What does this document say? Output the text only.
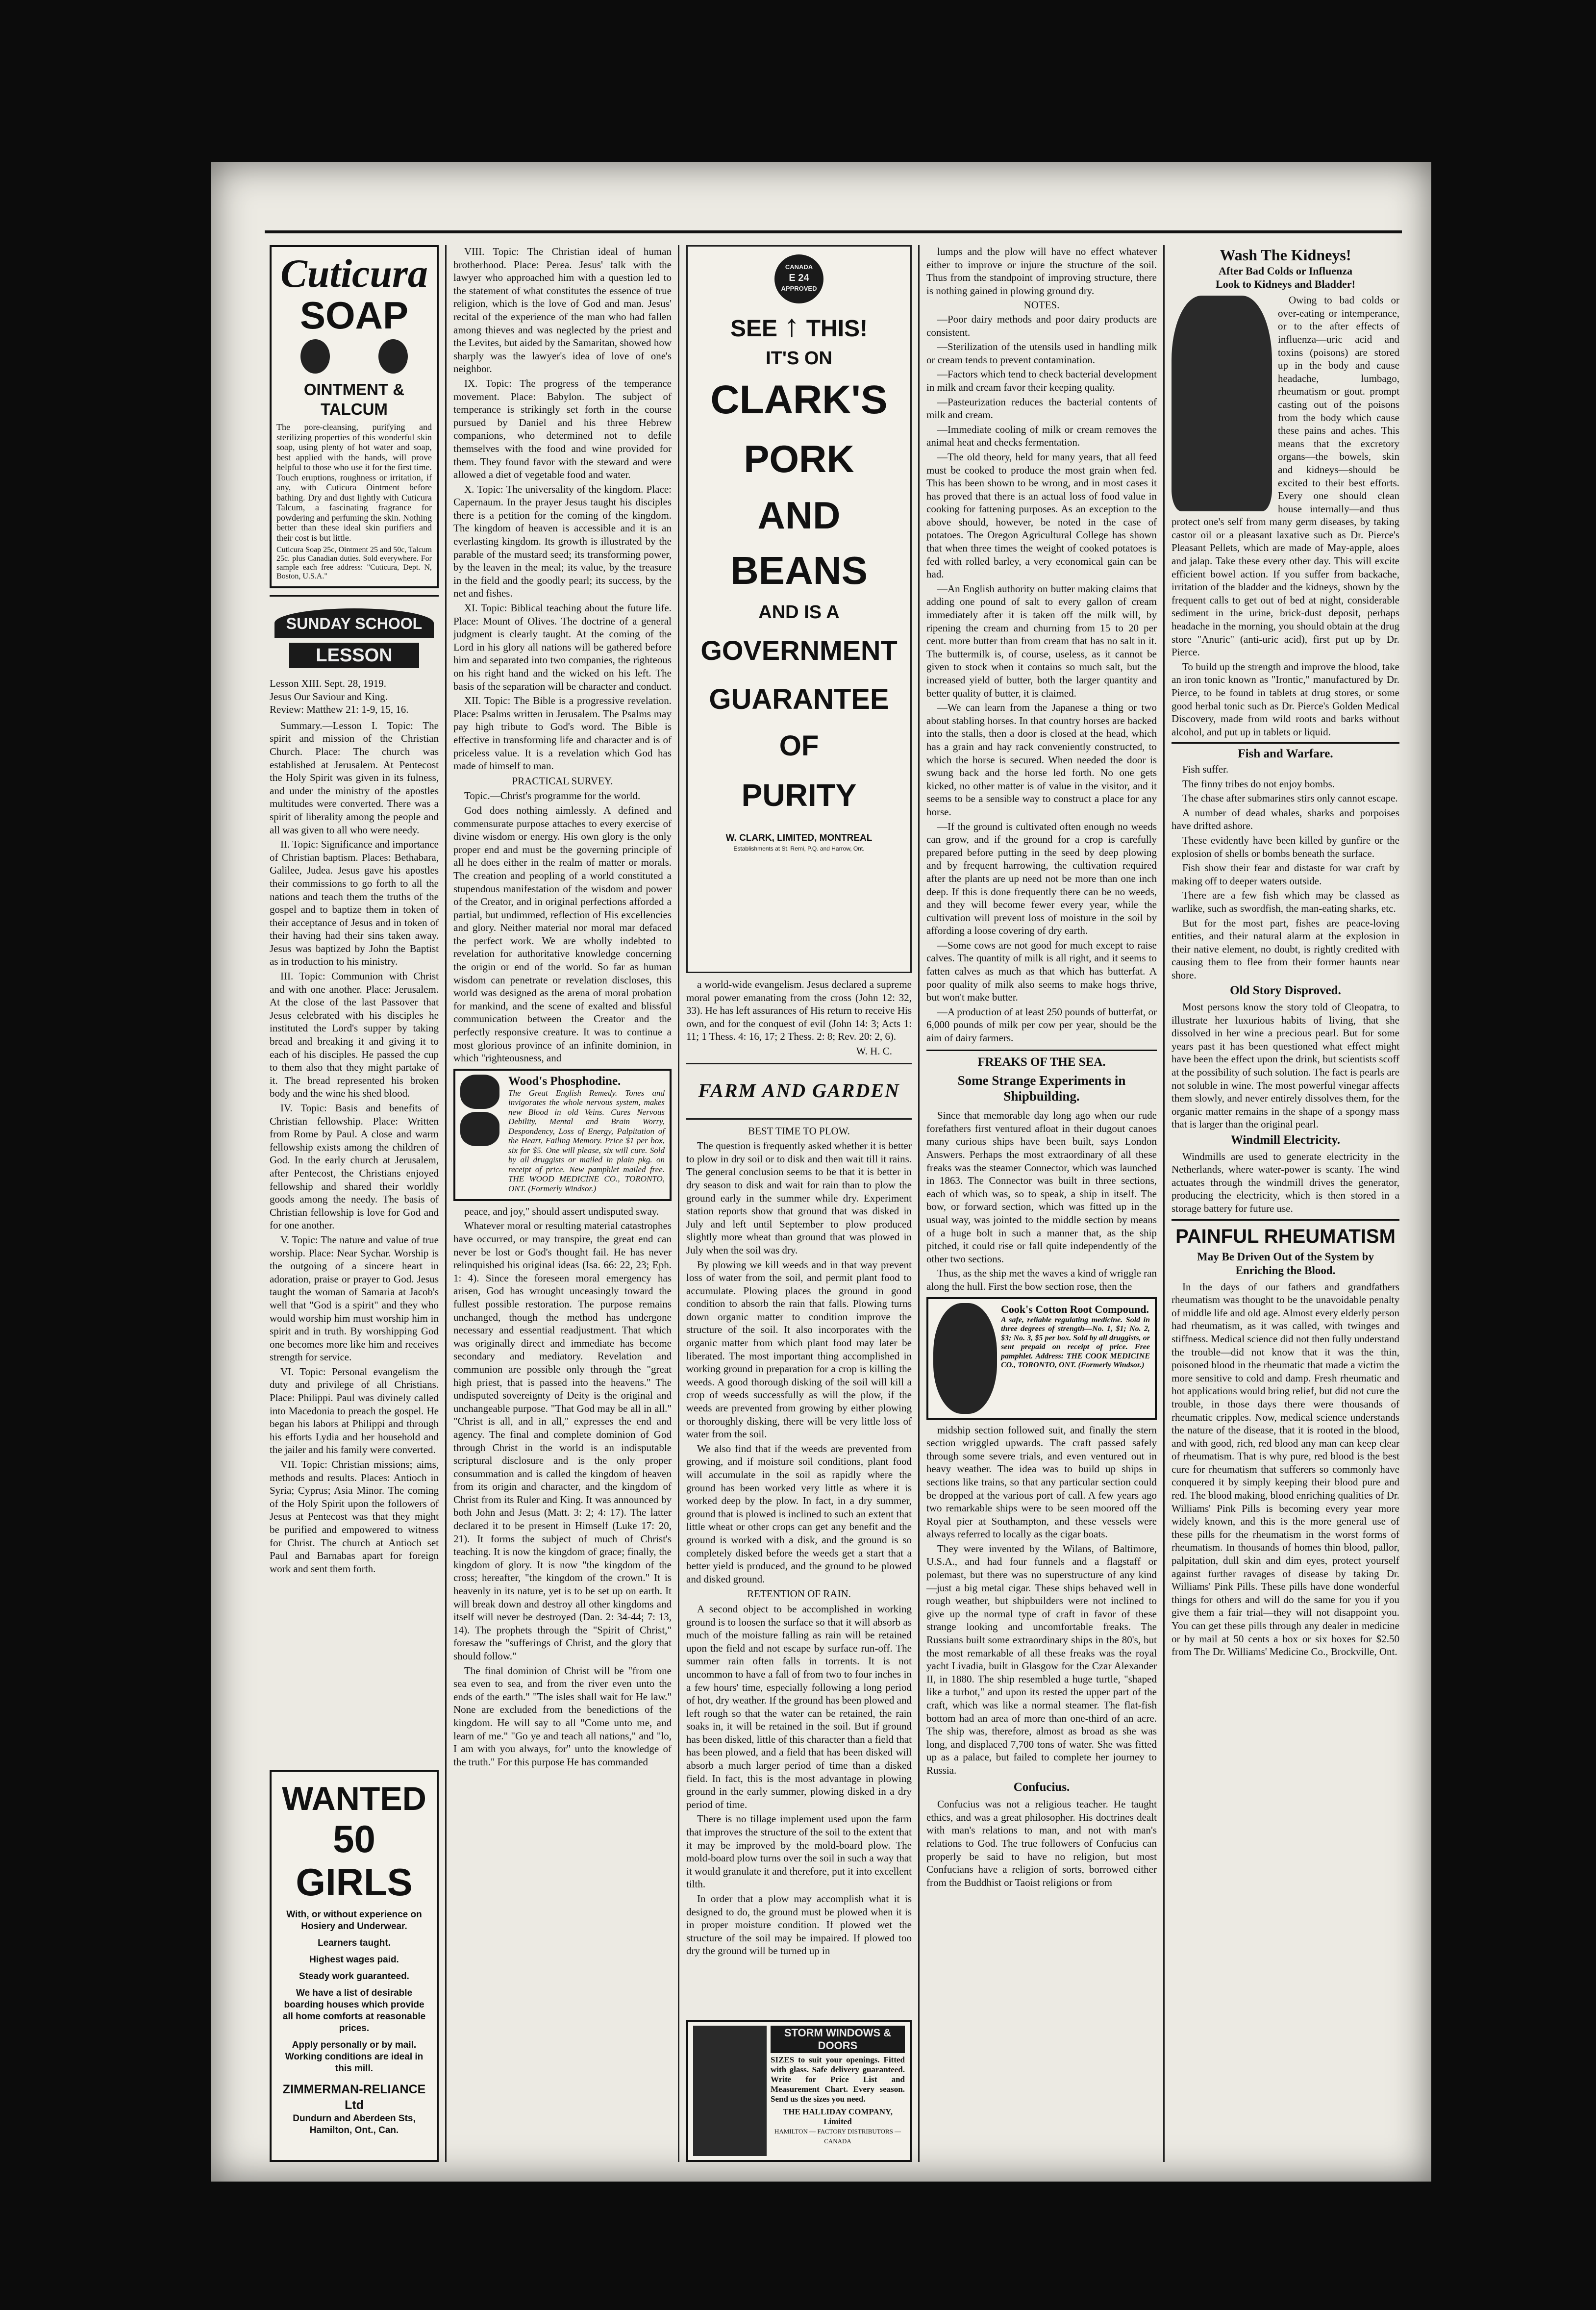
Cuticura
SOAP
OINTMENT & TALCUM
The pore-cleansing, purifying and sterilizing properties of this wonderful skin soap, using plenty of hot water and soap, best applied with the hands, will prove helpful to those who use it for the first time. Touch eruptions, roughness or irritation, if any, with Cuticura Ointment before bathing. Dry and dust lightly with Cuticura Talcum, a fascinating fragrance for powdering and perfuming the skin. Nothing better than these ideal skin purifiers and their cost is but little.
Cuticura Soap 25c, Ointment 25 and 50c, Talcum 25c. plus Canadian duties. Sold everywhere. For sample each free address: "Cuticura, Dept. N, Boston, U.S.A."
SUNDAY SCHOOL
LESSON
Lesson XIII. Sept. 28, 1919.
Jesus Our Saviour and King.
Review: Matthew 21: 1-9, 15, 16.

Summary.—Lesson I. Topic: The spirit and mission of the Christian Church. Place: The church was established at Jerusalem. At Pentecost the Holy Spirit was given in its fulness, and under the ministry of the apostles multitudes were converted. There was a spirit of liberality among the people and all was given to all who were needy.

II. Topic: Significance and importance of Christian baptism. Places: Bethabara, Galilee, Judea. Jesus gave his apostles their commissions to go forth to all the nations and teach them the truths of the gospel and to baptize them in token of their acceptance of Jesus and in token of their having had their sins taken away. Jesus was baptized by John the Baptist as in troduction to his ministry.

III. Topic: Communion with Christ and with one another. Place: Jerusalem. At the close of the last Passover that Jesus celebrated with his disciples he instituted the Lord's supper by taking bread and breaking it and giving it to each of his disciples. He passed the cup to them also that they might partake of it. The bread represented his broken body and the wine his shed blood.

IV. Topic: Basis and benefits of Christian fellowship. Place: Written from Rome by Paul. A close and warm fellowship exists among the children of God. In the early church at Jerusalem, after Pentecost, the Christians enjoyed fellowship and shared their worldly goods among the needy. The basis of Christian fellowship is love for God and for one another.

V. Topic: The nature and value of true worship. Place: Near Sychar. Worship is the outgoing of a sincere heart in adoration, praise or prayer to God. Jesus taught the woman of Samaria at Jacob's well that "God is a spirit" and they who would worship him must worship him in spirit and in truth. By worshipping God one becomes more like him and receives strength for service.

VI. Topic: Personal evangelism the duty and privilege of all Christians. Place: Philippi. Paul was divinely called into Macedonia to preach the gospel. He began his labors at Philippi and through his efforts Lydia and her household and the jailer and his family were converted.

VII. Topic: Christian missions; aims, methods and results. Places: Antioch in Syria; Cyprus; Asia Minor. The coming of the Holy Spirit upon the followers of Jesus at Pentecost was that they might be purified and empowered to witness for Christ. The church at Antioch set Paul and Barnabas apart for foreign work and sent them forth.

WANTED
50
GIRLS
With, or without experience on Hosiery and Underwear.
Learners taught.
Highest wages paid.
Steady work guaranteed.
We have a list of desirable boarding houses which provide all home comforts at reasonable prices.
Apply personally or by mail. Working conditions are ideal in this mill.
ZIMMERMAN-RELIANCE Ltd
Dundurn and Aberdeen Sts,
Hamilton, Ont., Can.

VIII. Topic: The Christian ideal of human brotherhood. Place: Perea. Jesus' talk with the lawyer who approached him with a question led to the statement of what constitutes the essence of true religion, which is the love of God and man. Jesus' recital of the experience of the man who had fallen among thieves and was neglected by the priest and the Levites, but aided by the Samaritan, showed how sharply was the lawyer's idea of love of one's neighbor.

IX. Topic: The progress of the temperance movement. Place: Babylon. The subject of temperance is strikingly set forth in the course pursued by Daniel and his three Hebrew companions, who determined not to defile themselves with the food and wine provided for them. They found favor with the steward and were allowed a diet of vegetable food and water.

X. Topic: The universality of the kingdom. Place: Capernaum. In the prayer Jesus taught his disciples there is a petition for the coming of the kingdom. The kingdom of heaven is accessible and it is an everlasting kingdom. Its growth is illustrated by the parable of the mustard seed; its transforming power, by the leaven in the meal; its value, by the treasure in the field and the goodly pearl; its success, by the net and fishes.

XI. Topic: Biblical teaching about the future life. Place: Mount of Olives. The doctrine of a general judgment is clearly taught. At the coming of the Lord in his glory all nations will be gathered before him and separated into two companies, the righteous on his right hand and the wicked on his left. The basis of the separation will be character and conduct.

XII. Topic: The Bible is a progressive revelation. Place: Psalms written in Jerusalem. The Psalms may pay high tribute to God's word. The Bible is effective in transforming life and character and is of priceless value. It is a revelation which God has made of himself to man.

PRACTICAL SURVEY.

Topic.—Christ's programme for the world.

God does nothing aimlessly. A defined and commensurate purpose attaches to every exercise of divine wisdom or energy. His own glory is the only proper end and must be the governing principle of all he does either in the realm of matter or morals. The creation and peopling of a world constituted a stupendous manifestation of the wisdom and power of the Creator, and in original perfections afforded a partial, but undimmed, reflection of His excellencies and glory. Neither material nor moral mar defaced the perfect work. We are wholly indebted to revelation for authoritative knowledge concerning the origin or end of the world. So far as human wisdom can penetrate or revelation discloses, this world was designed as the arena of moral probation for mankind, and the scene of exalted and blissful communication between the Creator and the perfectly responsive creature. It was to continue a most glorious province of an infinite dominion, in which "righteousness, and

Wood's Phosphodine.
The Great English Remedy. Tones and invigorates the whole nervous system, makes new Blood in old Veins. Cures Nervous Debility, Mental and Brain Worry, Despondency, Loss of Energy, Palpitation of the Heart, Failing Memory. Price $1 per box, six for $5. One will please, six will cure. Sold by all druggists or mailed in plain pkg. on receipt of price. New pamphlet mailed free. THE WOOD MEDICINE CO., TORONTO, ONT. (Formerly Windsor.)

peace, and joy," should assert undisputed sway.

Whatever moral or resulting material catastrophes have occurred, or may transpire, the great end can never be lost or God's thought fail. He has never relinquished his original ideas (Isa. 66: 22, 23; Eph. 1: 4). Since the foreseen moral emergency has arisen, God has wrought unceasingly toward the fullest possible restoration. The purpose remains unchanged, though the method has undergone necessary and essential readjustment. That which was originally direct and immediate has become secondary and mediatory. Revelation and communion are possible only through the "great high priest, that is passed into the heavens." The undisputed sovereignty of Deity is the original and unchangeable purpose. "That God may be all in all." "Christ is all, and in all," expresses the end and agency. The final and complete dominion of God through Christ in the world is an indisputable scriptural disclosure and is the only proper consummation and is called the kingdom of heaven from its origin and character, and the kingdom of Christ from its Ruler and King. It was announced by both John and Jesus (Matt. 3: 2; 4: 17). The latter declared it to be present in Himself (Luke 17: 20, 21). It forms the subject of much of Christ's teaching. It is now the kingdom of grace; finally, the kingdom of glory. It is now "the kingdom of the cross; hereafter, "the kingdom of the crown." It is heavenly in its nature, yet is to be set up on earth. It will break down and destroy all other kingdoms and itself will never be destroyed (Dan. 2: 34-44; 7: 13, 14). The prophets through the "Spirit of Christ," foresaw the "sufferings of Christ, and the glory that should follow."

The final dominion of Christ will be "from one sea even to sea, and from the river even unto the ends of the earth." "The isles shall wait for He law." None are excluded from the benedictions of the kingdom. He will say to all "Come unto me, and learn of me." "Go ye and teach all nations," and "lo, I am with you always, for" unto the knowledge of the truth." For this purpose He has commanded

CANADA
E 24
APPROVED
SEE ↑ THIS!
IT'S ON
CLARK'S
PORK
AND
BEANS
AND IS A
GOVERNMENT
GUARANTEE
OF
PURITY
W. CLARK, LIMITED, MONTREAL
Establishments at St. Remi, P.Q. and Harrow, Ont.

a world-wide evangelism. Jesus declared a supreme moral power emanating from the cross (John 12: 32, 33). He has left assurances of His return to receive His own, and for the conquest of evil (John 14: 3; Acts 1: 11; 1 Thess. 4: 16, 17; 2 Thess. 2: 8; Rev. 20: 2, 6).

W. H. C.
FARM AND GARDEN
BEST TIME TO PLOW.

The question is frequently asked whether it is better to plow in dry soil or to disk and then wait till it rains. The general conclusion seems to be that it is better in dry season to disk and wait for rain than to plow the ground early in the summer while dry. Experiment station reports show that ground that was disked in July and left until September to plow produced slightly more wheat than ground that was plowed in July when the soil was dry.

By plowing we kill weeds and in that way prevent loss of water from the soil, and permit plant food to accumulate. Plowing places the ground in good condition to absorb the rain that falls. Plowing turns down organic matter to condition improve the structure of the soil. It also incorporates with the organic matter from which plant food may later be liberated. The most important thing accomplished in working ground in preparation for a crop is killing the weeds. A good thorough disking of the soil will kill a crop of weeds successfully as will the plow, if the weeds are prevented from growing by either plowing or thoroughly disking, there will be very little loss of water from the soil.

We also find that if the weeds are prevented from growing, and if moisture soil conditions, plant food will accumulate in the soil as rapidly where the ground has been worked very little as where it is worked deep by the plow. In fact, in a dry summer, ground that is plowed is inclined to such an extent that little wheat or other crops can get any benefit and the ground is worked with a disk, and the ground is so completely disked before the weeds get a start that a better yield is produced, and the ground to be plowed and disked ground.

RETENTION OF RAIN.

A second object to be accomplished in working ground is to loosen the surface so that it will absorb as much of the moisture falling as rain will be retained upon the field and not escape by surface run-off. The summer rain often falls in torrents. It is not uncommon to have a fall of from two to four inches in a few hours' time, especially following a long period of hot, dry weather. If the ground has been plowed and left rough so that the water can be retained, the rain soaks in, it will be retained in the soil. But if ground has been disked, little of this character than a field that has been plowed, and a field that has been disked will absorb a much larger period of time than a disked field. In fact, this is the most advantage in plowing ground in the early summer, plowing disked in a dry period of time.

There is no tillage implement used upon the farm that improves the structure of the soil to the extent that it may be improved by the mold-board plow. The mold-board plow turns over the soil in such a way that it would granulate it and therefore, put it into excellent tilth.

In order that a plow may accomplish what it is designed to do, the ground must be plowed when it is in proper moisture condition. If plowed wet the structure of the soil may be impaired. If plowed too dry the ground will be turned up in

STORM WINDOWS & DOORS
SIZES to suit your openings. Fitted with glass. Safe delivery guaranteed. Write for Price List and Measurement Chart. Every season. Send us the sizes you need.
THE HALLIDAY COMPANY, Limited
HAMILTON — FACTORY DISTRIBUTORS — CANADA

lumps and the plow will have no effect whatever either to improve or injure the structure of the soil. Thus from the standpoint of improving structure, there is nothing gained in plowing ground dry.

NOTES.

—Poor dairy methods and poor dairy products are consistent.

—Sterilization of the utensils used in handling milk or cream tends to prevent contamination.

—Factors which tend to check bacterial development in milk and cream favor their keeping quality.

—Pasteurization reduces the bacterial contents of milk and cream.

—Immediate cooling of milk or cream removes the animal heat and checks fermentation.

—The old theory, held for many years, that all feed must be cooked to produce the most grain when fed. This has been shown to be wrong, and in most cases it has proved that there is an actual loss of food value in cooking for fattening purposes. As an exception to the above should, however, be noted in the case of potatoes. The Oregon Agricultural College has shown that when three times the weight of cooked potatoes is fed with rolled barley, a very economical gain can be had.

—An English authority on butter making claims that adding one pound of salt to every gallon of cream immediately after it is taken off the milk will, by ripening the cream and churning from 15 to 20 per cent. more butter than from cream that has no salt in it. The buttermilk is, of course, useless, as it cannot be given to stock when it contains so much salt, but the increased yield of butter, both the larger quantity and better quality of butter, it is claimed.

—We can learn from the Japanese a thing or two about stabling horses. In that country horses are backed into the stalls, then a door is closed at the head, which has a grain and hay rack conveniently constructed, to which the horse is secured. When needed the door is swung back and the horse led forth. No one gets kicked, no other matter is of value in the visitor, and it seems to be a sensible way to construct a place for any horse.

—If the ground is cultivated often enough no weeds can grow, and if the ground for a crop is carefully prepared before putting in the seed by deep plowing and by frequent harrowing, the cultivation required after the plants are up need not be more than one inch deep. If this is done frequently there can be no weeds, and they will become fewer every year, while the cultivation will prevent loss of moisture in the soil by affording a loose covering of dry earth.

—Some cows are not good for much except to raise calves. The quantity of milk is all right, and it seems to fatten calves as much as that which has butterfat. A poor quality of milk also seems to make hogs thrive, but won't make butter.

—A production of at least 250 pounds of butterfat, or 6,000 pounds of milk per cow per year, should be the aim of dairy farmers.

FREAKS OF THE SEA.
Some Strange Experiments in Shipbuilding.

Since that memorable day long ago when our rude forefathers first ventured afloat in their dugout canoes many curious ships have been built, says London Answers. Perhaps the most extraordinary of all these freaks was the steamer Connector, which was launched in 1863. The Connector was built in three sections, each of which was, so to speak, a ship in itself. The bow, or forward section, which was fitted up in the usual way, was jointed to the middle section by means of a huge bolt in such a manner that, as the ship pitched, it could rise or fall quite independently of the other two sections.

Thus, as the ship met the waves a kind of wriggle ran along the hull. First the bow section rose, then the

Cook's Cotton Root Compound.
A safe, reliable regulating medicine. Sold in three degrees of strength—No. 1, $1; No. 2, $3; No. 3, $5 per box. Sold by all druggists, or sent prepaid on receipt of price. Free pamphlet. Address: THE COOK MEDICINE CO., TORONTO, ONT. (Formerly Windsor.)

midship section followed suit, and finally the stern section wriggled upwards. The craft passed safely through some severe trials, and even ventured out in heavy weather. The idea was to build up ships in sections like trains, so that any particular section could be dropped at the various port of call. A few years ago two remarkable ships were to be seen moored off the Royal pier at Southampton, and these vessels were always referred to locally as the cigar boats.

They were invented by the Wilans, of Baltimore, U.S.A., and had four funnels and a flagstaff or polemast, but there was no superstructure of any kind—just a big metal cigar. These ships behaved well in rough weather, but shipbuilders were not inclined to give up the normal type of craft in favor of these strange looking and uncomfortable freaks. The Russians built some extraordinary ships in the 80's, but the most remarkable of all these freaks was the royal yacht Livadia, built in Glasgow for the Czar Alexander II, in 1880. The ship resembled a huge turtle, "shaped like a turbot," and upon its rested the upper part of the craft, which was like a normal steamer. The flat-fish bottom had an area of more than one-third of an acre. The ship was, therefore, almost as broad as she was long, and displaced 7,700 tons of water. She was fitted up as a palace, but failed to complete her journey to Russia.

Confucius.

Confucius was not a religious teacher. He taught ethics, and was a great philosopher. His doctrines dealt with man's relations to man, and not with man's relations to God. The true followers of Confucius can properly be said to have no religion, but most Confucians have a religion of sorts, borrowed either from the Buddhist or Taoist religions or from

Wash The Kidneys!
After Bad Colds or Influenza
Look to Kidneys and Bladder!

Owing to bad colds or over-eating or intemperance, or to the after effects of influenza—uric acid and toxins (poisons) are stored up in the body and cause headache, lumbago, rheumatism or gout. prompt casting out of the poisons from the body which cause these pains and aches. This means that the excretory organs—the bowels, skin and kidneys—should be excited to their best efforts. Every one should clean house internally—and thus protect one's self from many germ diseases, by taking castor oil or a pleasant laxative such as Dr. Pierce's Pleasant Pellets, which are made of May-apple, aloes and jalap. Take these every other day. This will excite efficient bowel action. If you suffer from backache, irritation of the bladder and the kidneys, shown by the frequent calls to get out of bed at night, considerable sediment in the urine, brick-dust deposit, perhaps headache in the morning, you should obtain at the drug store "Anuric" (anti-uric acid), first put up by Dr. Pierce.

To build up the strength and improve the blood, take an iron tonic known as "Irontic," manufactured by Dr. Pierce, to be found in tablets at drug stores, or some good herbal tonic such as Dr. Pierce's Golden Medical Discovery, made from wild roots and barks without alcohol, and put up in tablets or liquid.

Fish and Warfare.

Fish suffer.

The finny tribes do not enjoy bombs.

The chase after submarines stirs only cannot escape.

A number of dead whales, sharks and porpoises have drifted ashore.

These evidently have been killed by gunfire or the explosion of shells or bombs beneath the surface.

Fish show their fear and distaste for war craft by making off to deeper waters outside.

There are a few fish which may be classed as warlike, such as swordfish, the man-eating sharks, etc.

But for the most part, fishes are peace-loving entities, and their natural alarm at the explosion in their native element, no doubt, is rightly credited with causing them to flee from their former haunts near shore.

Old Story Disproved.

Most persons know the story told of Cleopatra, to illustrate her luxurious habits of living, that she dissolved in her wine a precious pearl. But for some years past it has been questioned what effect might have been the effect upon the drink, but scientists scoff at the possibility of such solution. The fact is pearls are not soluble in wine. The most powerful vinegar affects them slowly, and never entirely dissolves them, for the organic matter remains in the shape of a spongy mass that is larger than the original pearl.

Windmill Electricity.

Windmills are used to generate electricity in the Netherlands, where water-power is scanty. The wind actuates through the windmill drives the generator, producing the electricity, which is then stored in a storage battery for future use.

PAINFUL RHEUMATISM
May Be Driven Out of the System by Enriching the Blood.

In the days of our fathers and grandfathers rheumatism was thought to be the unavoidable penalty of middle life and old age. Almost every elderly person had rheumatism, as it was called, with twinges and stiffness. Medical science did not then fully understand the trouble—did not know that it was the thin, poisoned blood in the rheumatic that made a victim the more sensitive to cold and damp. Fresh rheumatic and hot applications would bring relief, but did not cure the trouble, in those days there were thousands of rheumatic cripples. Now, medical science understands the nature of the disease, that it is rooted in the blood, and with good, rich, red blood any man can keep clear of rheumatism. That is why pure, red blood is the best cure for rheumatism that sufferers so commonly have conquered it by simply keeping their blood pure and red. The blood making, blood enriching qualities of Dr. Williams' Pink Pills is becoming every year more widely known, and this is the more general use of these pills for the rheumatism in the worst forms of rheumatism. In thousands of homes thin blood, pallor, palpitation, dull skin and dim eyes, protect yourself against further ravages of disease by taking Dr. Williams' Pink Pills. These pills have done wonderful things for others and will do the same for you if you give them a fair trial—they will not disappoint you. You can get these pills through any dealer in medicine or by mail at 50 cents a box or six boxes for $2.50 from The Dr. Williams' Medicine Co., Brockville, Ont.
